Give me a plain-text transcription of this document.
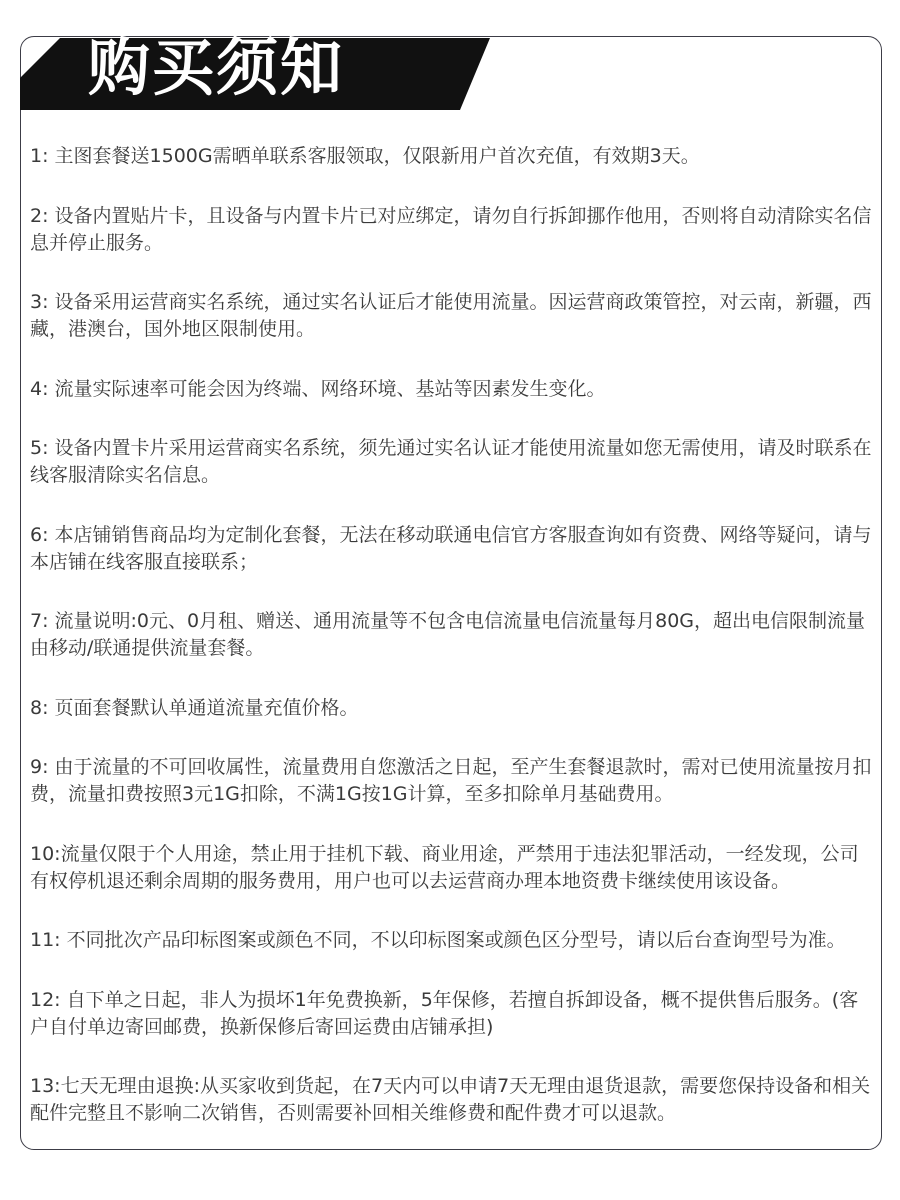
购买须知
1: 主图套餐送1500G需晒单联系客服领取，仅限新用户首次充值，有效期3天。
2: 设备内置贴片卡，且设备与内置卡片已对应绑定，请勿自行拆卸挪作他用，否则将自动清除实名信息并停止服务。
3: 设备采用运营商实名系统，通过实名认证后才能使用流量。因运营商政策管控，对云南，新疆，西藏，港澳台，国外地区限制使用。
4: 流量实际速率可能会因为终端、网络环境、基站等因素发生变化。
5: 设备内置卡片采用运营商实名系统，须先通过实名认证才能使用流量如您无需使用，请及时联系在线客服清除实名信息。
6: 本店铺销售商品均为定制化套餐，无法在移动联通电信官方客服查询如有资费、网络等疑问，请与本店铺在线客服直接联系；
7: 流量说明:0元、0月租、赠送、通用流量等不包含电信流量电信流量每月80G，超出电信限制流量由移动/联通提供流量套餐。
8: 页面套餐默认单通道流量充值价格。
9: 由于流量的不可回收属性，流量费用自您激活之日起，至产生套餐退款时，需对已使用流量按月扣费，流量扣费按照3元1G扣除，不满1G按1G计算，至多扣除单月基础费用。
10:流量仅限于个人用途，禁止用于挂机下载、商业用途，严禁用于违法犯罪活动，一经发现，公司有权停机退还剩余周期的服务费用，用户也可以去运营商办理本地资费卡继续使用该设备。
11: 不同批次产品印标图案或颜色不同，不以印标图案或颜色区分型号，请以后台查询型号为准。
12: 自下单之日起，非人为损坏1年免费换新，5年保修，若擅自拆卸设备，概不提供售后服务。(客户自付单边寄回邮费，换新保修后寄回运费由店铺承担)
13:七天无理由退换:从买家收到货起，在7天内可以申请7天无理由退货退款，需要您保持设备和相关配件完整且不影响二次销售，否则需要补回相关维修费和配件费才可以退款。
